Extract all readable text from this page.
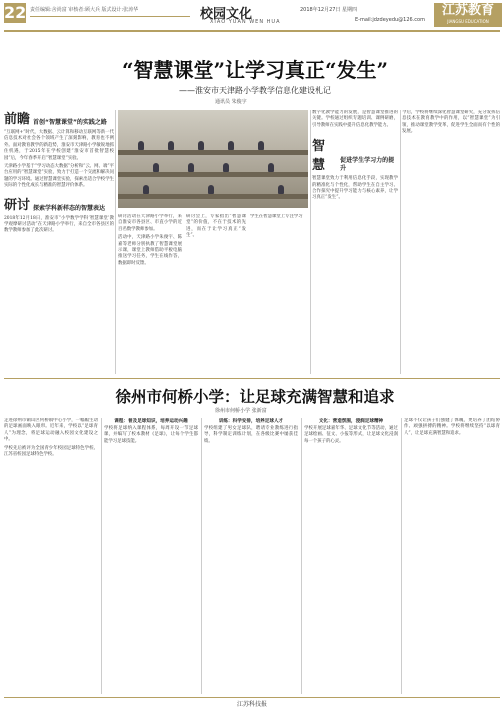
22 责任编辑:舍尚富 审核者:顾大兵 版式设计:张涛华	校园文化
XIAO YUAN WEN HUA
2018年12月27日 星期四
E-mail:jdzdeyedu@126.com
江苏教育
JIANGSU EDUCATION
“智慧课堂”让学习真正“发生”
——淮安市天津路小学教学信息化建设札记
通讯员 朱俊宇
前瞻 首创“智慧课堂”的实践之路

“互联网+”时代，大数据、云计算和移动互联网等新一代信息技术对社会各个领域产生了深刻影响，教育也不例外。面对教育教学的新趋势，淮安市天津路小学敏锐地抓住机遇，于2015年在学校创建“淮安市首批智慧校园”后，今年春季开启“智慧课堂”实验。

天津路小学基于“学习动态大数据”分析和“云、网、端”平台应用的“智慧课堂”实验，致力于打造一个交流和解决问题的学习环境。通过智慧课堂实验，探索出适合学校学生实际的个性化成长与精准的智慧评价体系。

研讨 探索学科新样态的智慧表达

2018年12月18日，淮安市“小学数学学科‘智慧课堂’教学观摩研讨活动”在天津路小学举行，来自全市各县区的数学教师参加了此次研讨。

研讨活动在天津路小学举行，来自淮安市各县区、市直小学的近百名数学教师参加。

活动中，天津路小学朱俊宇、陈嘉等老师分别执教了智慧课堂展示课，课堂上教师借助平板电脑推送学习任务，学生在线作答，数据即时反馈。

研讨会上，专家指出“智慧课堂”的价值，不在于技术的先进，而在于让学习真正“发生”。

学生在智慧课堂上专注学习

数字化教学能力的发展，是智慧课堂推进的关键。学校通过组织专题培训、课例研磨，引导教师在实践中提升信息化教学能力。

智慧	促进学生学习力的提升

智慧课堂致力于利用信息化手段，实现教学的精准化与个性化，帮助学生在自主学习、合作探究中提升学习能力与核心素养，让学习真正“发生”。

今后，学校将继续深化智慧课堂研究，充分发挥信息技术在教育教学中的作用，以“智慧课堂”为引领，推动课堂教学变革，促进学生全面而有个性的发展。

徐州市何桥小学：让足球充满智慧和追求
徐州市何桥小学 张新富

走进徐州市铜山区何桥镇中心小学，一幅幅生动的足球画面映入眼帘。近年来，学校以“足球育人”为理念，将足球运动融入校园文化建设之中。

学校先后被评为全国青少年校园足球特色学校、江苏省校园足球特色学校。

课程：普及足球知识，培养运动兴趣

学校将足球纳入课程体系，每周开设一节足球课，并编写了校本教材《足球》，让每个学生都能学习足球技能。

训练：科学安排，培养足球人才

学校组建了男女足球队，聘请专业教练进行指导，科学制定训练计划，在各级比赛中屡获佳绩。

文化：营造氛围，浸润足球精神

学校开展足球嘉年华、足球文化节等活动，通过足球绘画、征文、小报等形式，让足球文化浸润每一个孩子的心灵。

足球不仅让孩子们强健了体魄，更培养了团结协作、顽强拼搏的精神。学校将继续坚持“以球育人”，让足球充满智慧和追求。

江苏科技报
